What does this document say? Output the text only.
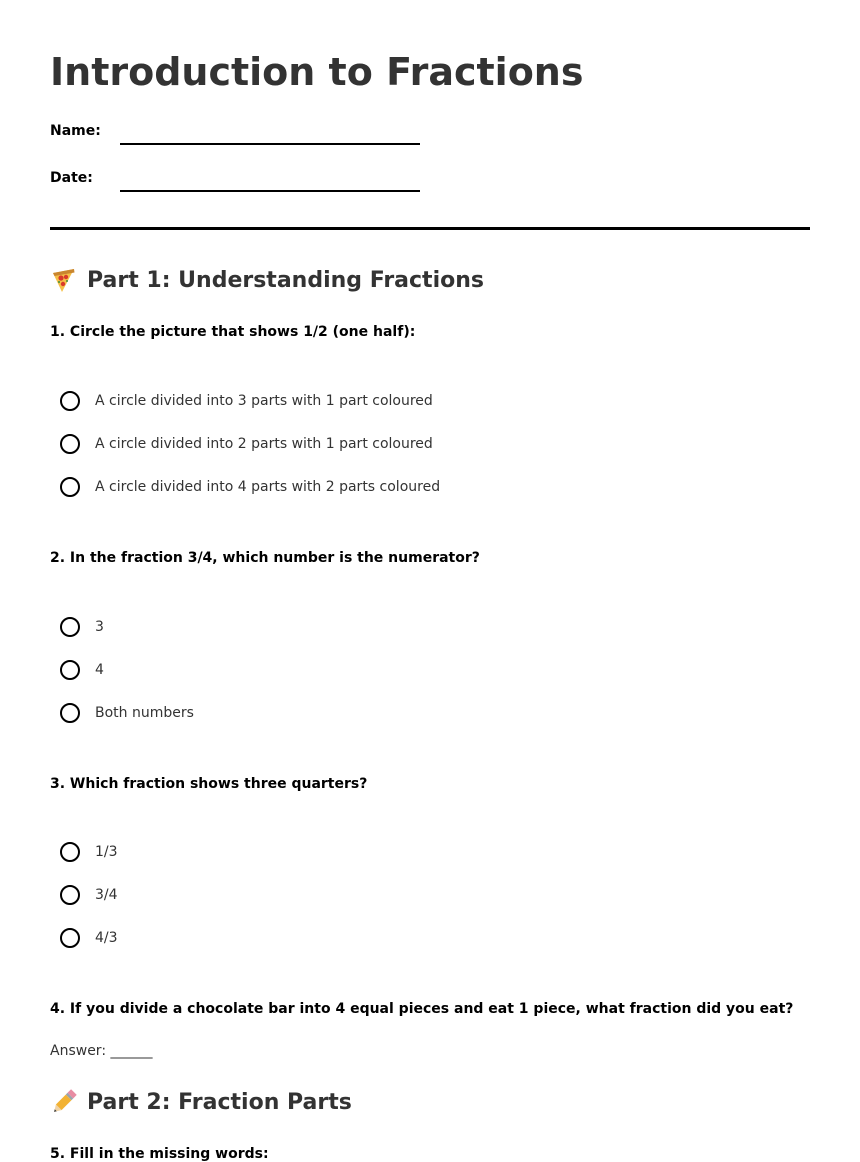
Introduction to Fractions
Name:
Date:
Part 1: Understanding Fractions

1. Circle the picture that shows 1/2 (one half):

A circle divided into 3 parts with 1 part coloured
A circle divided into 2 parts with 1 part coloured
A circle divided into 4 parts with 2 parts coloured

2. In the fraction 3/4, which number is the numerator?

3
4
Both numbers

3. Which fraction shows three quarters?

1/3
3/4
4/3

4. If you divide a chocolate bar into 4 equal pieces and eat 1 piece, what fraction did you eat?

Answer: ______
Part 2: Fraction Parts

5. Fill in the missing words:
